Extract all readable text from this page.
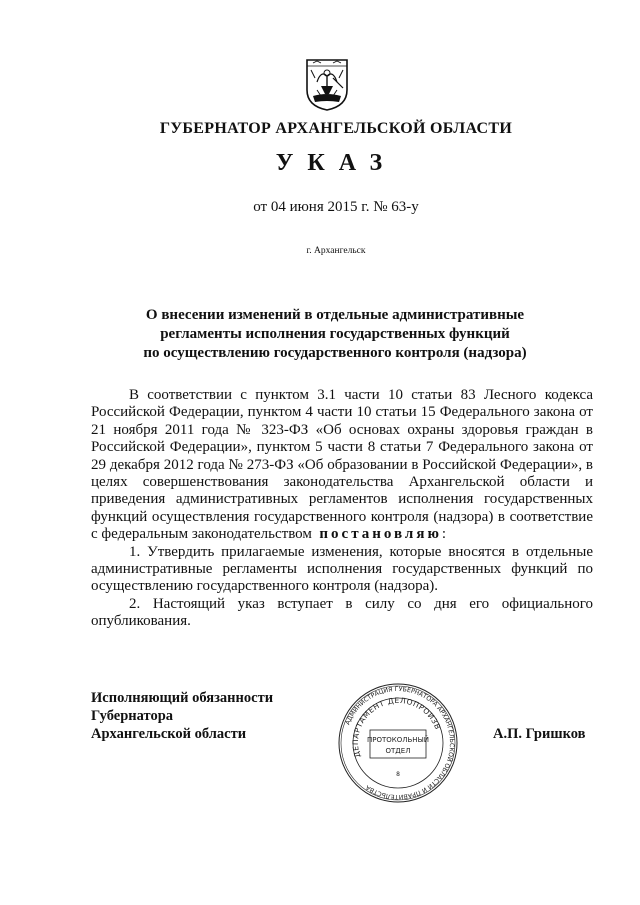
ГУБЕРНАТОР АРХАНГЕЛЬСКОЙ ОБЛАСТИ
УКАЗ
от 04 июня 2015 г. № 63-у
г. Архангельск
О внесении изменений в отдельные административные
регламенты исполнения государственных функций
по осуществлению государственного контроля (надзора)

В соответствии с пунктом 3.1 части 10 статьи 83 Лесного кодекса Российской Федерации, пунктом 4 части 10 статьи 15 Федерального закона от 21 ноября 2011 года № 323-ФЗ «Об основах охраны здоровья граждан в Российской Федерации», пунктом 5 части 8 статьи 7 Федерального закона от 29 декабря 2012 года № 273-ФЗ «Об образовании в Российской Федерации», в целях совершенствования законодательства Архангельской области и приведения административных регламентов исполнения государственных функций осуществления государственного контроля (надзора) в соответствие с федеральным законодательством постановляю:

1. Утвердить прилагаемые изменения, которые вносятся в отдельные административные регламенты исполнения государственных функций по осуществлению государственного контроля (надзора).

2. Настоящий указ вступает в силу со дня его официального опубликования.

Исполняющий обязанности
Губернатора
Архангельской области
АДМИНИСТРАЦИЯ ГУБЕРНАТОРА АРХАНГЕЛЬСКОЙ ОБЛАСТИ И ПРАВИТЕЛЬСТВА
ДЕПАРТАМЕНТ ДЕЛОПРОИЗВОДСТВА
ПРОТОКОЛЬНЫЙ
ОТДЕЛ
8
А.П. Гришков
